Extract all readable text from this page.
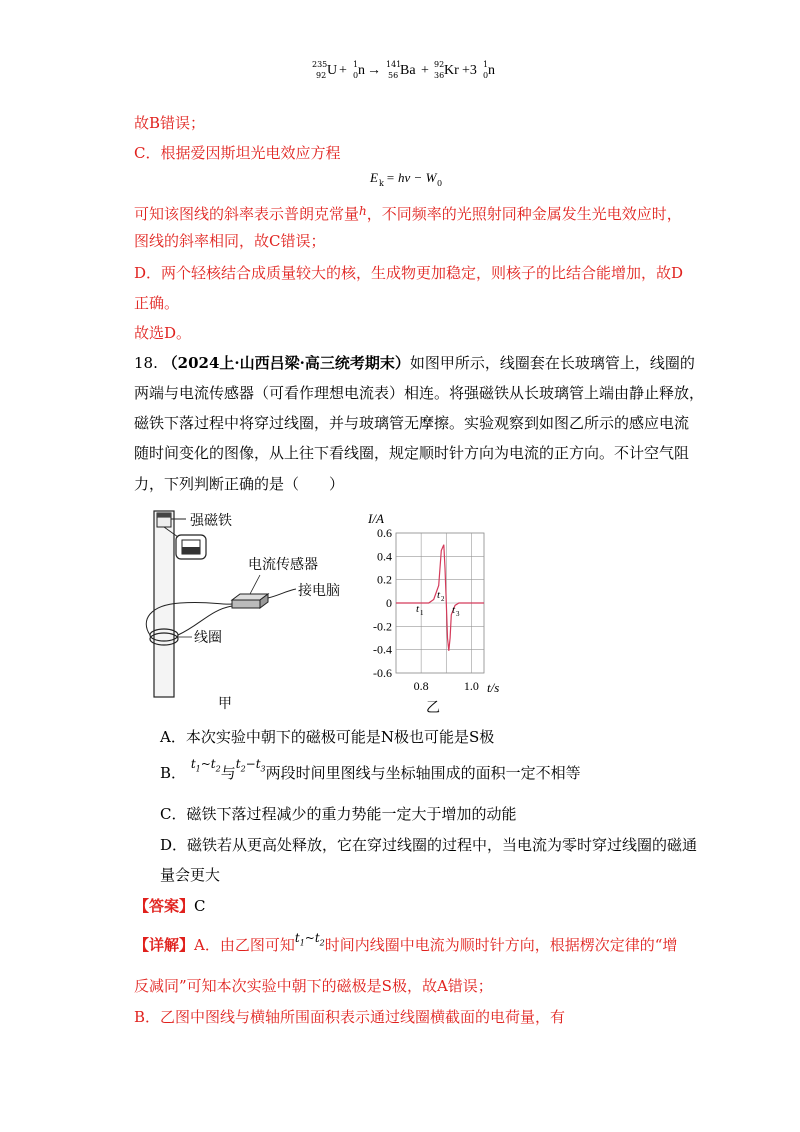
235
92 U + 1
0 n → 141
56 Ba + 92
36 Kr +3 1
0 n
故B错误；
C．根据爱因斯坦光电效应方程
E k = hν − W 0
可知该图线的斜率表示普朗克常量$^h$，不同频率的光照射同种金属发生光电效应时，
图线的斜率相同，故C错误；
D．两个轻核结合成质量较大的核，生成物更加稳定，则核子的比结合能增加，故D
正确。
故选D。
18. （2024上·山西吕梁·高三统考期末）如图甲所示，线圈套在长玻璃管上，线圈的
两端与电流传感器（可看作理想电流表）相连。将强磁铁从长玻璃管上端由静止释放，
磁铁下落过程中将穿过线圈，并与玻璃管无摩擦。实验观察到如图乙所示的感应电流
随时间变化的图像，从上往下看线圈，规定顺时针方向为电流的正方向。不计空气阻
力，下列判断正确的是（　　）
强磁铁
电流传感器
接电脑
线圈
甲
I/A
0.6
0.4
0.2
0
-0.2
-0.4
-0.6
0.8	1.0 t/s
t 1
t 2
t 3
乙
A．本次实验中朝下的磁极可能是N极也可能是S极
B． $^{t_1\sim t_2}$与$^{t_2-t_3}$两段时间里图线与坐标轴围成的面积一定不相等
C．磁铁下落过程减少的重力势能一定大于增加的动能
D．磁铁若从更高处释放，它在穿过线圈的过程中，当电流为零时穿过线圈的磁通
量会更大
【答案】C
【详解】A．由乙图可知$^{t_1\sim t_2}$时间内线圈中电流为顺时针方向，根据楞次定律的“增
反减同”可知本次实验中朝下的磁极是S极，故A错误；
B．乙图中图线与横轴所围面积表示通过线圈横截面的电荷量，有
